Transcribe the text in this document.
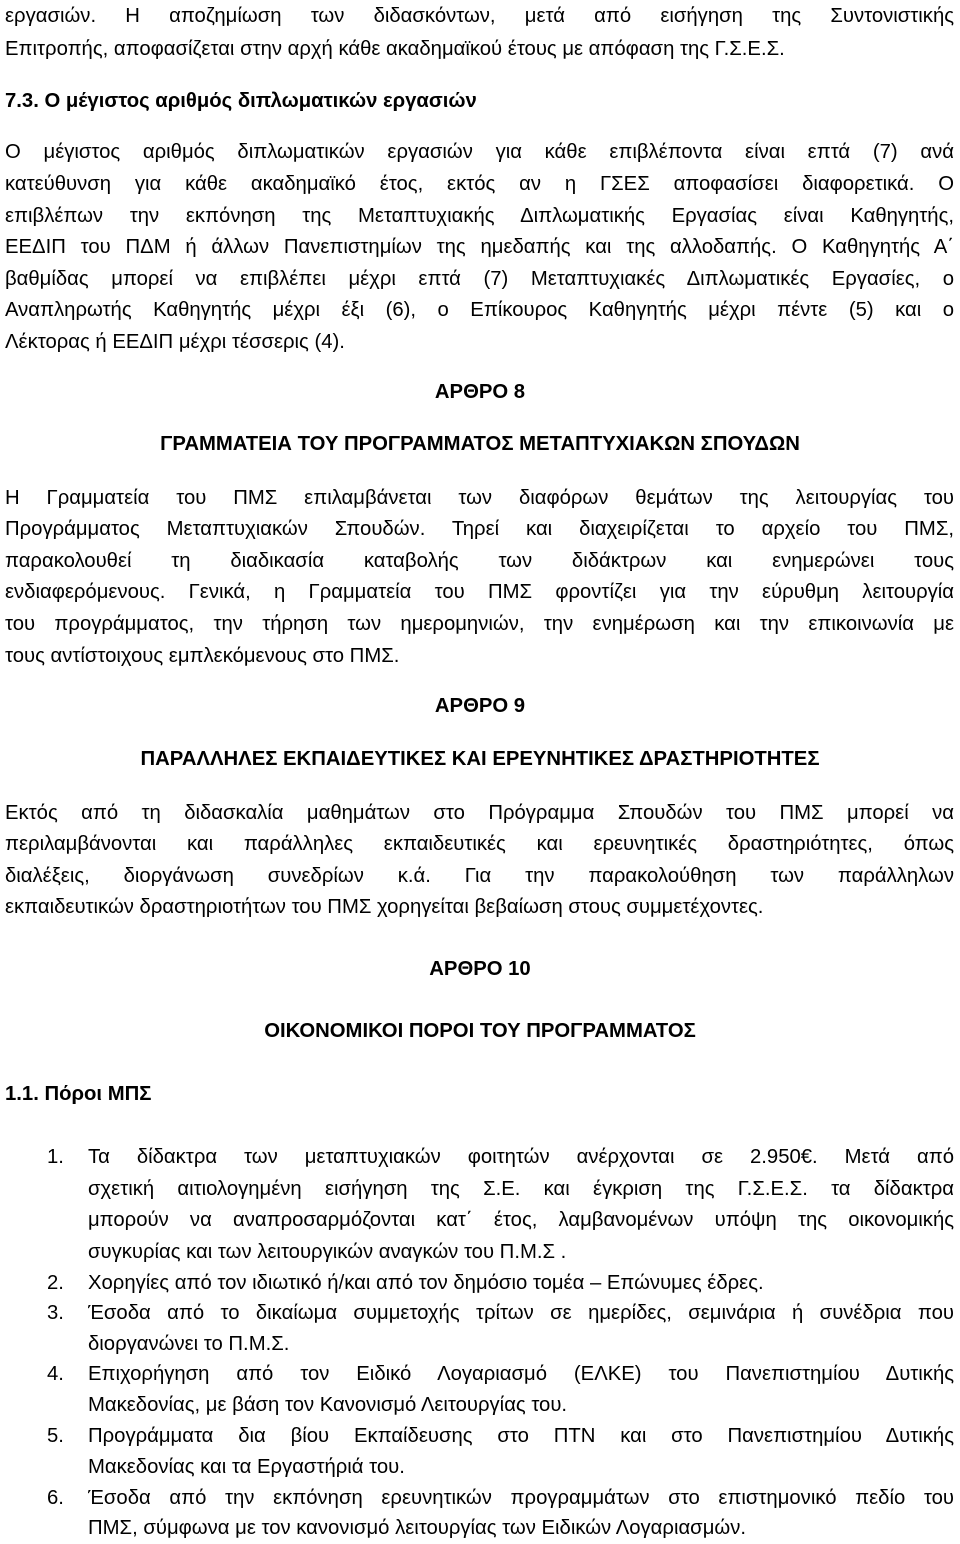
εργασιών. Η αποζημίωση των διδασκόντων, μετά από εισήγηση της Συντονιστικής
Επιτροπής, αποφασίζεται στην αρχή κάθε ακαδημαϊκού έτους με απόφαση της Γ.Σ.Ε.Σ.
7.3. Ο μέγιστος αριθμός διπλωματικών εργασιών
Ο μέγιστος αριθμός διπλωματικών εργασιών για κάθε επιβλέποντα είναι επτά (7) ανά
κατεύθυνση για κάθε ακαδημαϊκό έτος, εκτός αν η ΓΣΕΣ αποφασίσει διαφορετικά. Ο
επιβλέπων την εκπόνηση της Μεταπτυχιακής Διπλωματικής Εργασίας είναι Καθηγητής,
ΕΕΔΙΠ του ΠΔΜ ή άλλων Πανεπιστημίων της ημεδαπής και της αλλοδαπής. Ο Καθηγητής Α΄
βαθμίδας μπορεί να επιβλέπει μέχρι επτά (7) Μεταπτυχιακές Διπλωματικές Εργασίες, ο
Αναπληρωτής Καθηγητής μέχρι έξι (6), ο Επίκουρος Καθηγητής μέχρι πέντε (5) και ο
Λέκτορας ή ΕΕΔΙΠ μέχρι τέσσερις (4).
ΑΡΘΡΟ 8
ΓΡΑΜΜΑΤΕΙΑ ΤΟΥ ΠΡΟΓΡΑΜΜΑΤΟΣ ΜΕΤΑΠΤΥΧΙΑΚΩΝ ΣΠΟΥΔΩΝ
Η Γραμματεία του ΠΜΣ επιλαμβάνεται των διαφόρων θεμάτων της λειτουργίας του
Προγράμματος Μεταπτυχιακών Σπουδών. Τηρεί και διαχειρίζεται το αρχείο του ΠΜΣ,
παρακολουθεί τη διαδικασία καταβολής των διδάκτρων και ενημερώνει τους
ενδιαφερόμενους. Γενικά, η Γραμματεία του ΠΜΣ φροντίζει για την εύρυθμη λειτουργία
του προγράμματος, την τήρηση των ημερομηνιών, την ενημέρωση και την επικοινωνία με
τους αντίστοιχους εμπλεκόμενους στο ΠΜΣ.
ΑΡΘΡΟ 9
ΠΑΡΑΛΛΗΛΕΣ ΕΚΠΑΙΔΕΥΤΙΚΕΣ ΚΑΙ ΕΡΕΥΝΗΤΙΚΕΣ ΔΡΑΣΤΗΡΙΟΤΗΤΕΣ
Εκτός από τη διδασκαλία μαθημάτων στο Πρόγραμμα Σπουδών του ΠΜΣ μπορεί να
περιλαμβάνονται και παράλληλες εκπαιδευτικές και ερευνητικές δραστηριότητες, όπως
διαλέξεις, διοργάνωση συνεδρίων κ.ά. Για την παρακολούθηση των παράλληλων
εκπαιδευτικών δραστηριοτήτων του ΠΜΣ χορηγείται βεβαίωση στους συμμετέχοντες.
ΑΡΘΡΟ 10
ΟΙΚΟΝΟΜΙΚΟΙ ΠΟΡΟΙ ΤΟΥ ΠΡΟΓΡΑΜΜΑΤΟΣ
1.1. Πόροι ΜΠΣ
1.	Τα δίδακτρα των μεταπτυχιακών φοιτητών ανέρχονται σε 2.950€. Μετά από
σχετική αιτιολογημένη εισήγηση της Σ.Ε. και έγκριση της Γ.Σ.Ε.Σ. τα δίδακτρα
μπορούν να αναπροσαρμόζονται κατ΄ έτος, λαμβανομένων υπόψη της οικονομικής
συγκυρίας και των λειτουργικών αναγκών του Π.Μ.Σ .
2.	Χορηγίες από τον ιδιωτικό ή/και από τον δημόσιο τομέα – Επώνυμες έδρες.
3.	Έσοδα από το δικαίωμα συμμετοχής τρίτων σε ημερίδες, σεμινάρια ή συνέδρια που
διοργανώνει το Π.Μ.Σ.
4.	Επιχορήγηση από τον Ειδικό Λογαριασμό (ΕΛΚΕ) του Πανεπιστημίου Δυτικής
Μακεδονίας, με βάση τον Κανονισμό Λειτουργίας του.
5.	Προγράμματα δια βίου Εκπαίδευσης στο ΠΤΝ και στο Πανεπιστημίου Δυτικής
Μακεδονίας και τα Εργαστήριά του.
6.	Έσοδα από την εκπόνηση ερευνητικών προγραμμάτων στο επιστημονικό πεδίο του
ΠΜΣ, σύμφωνα με τον κανονισμό λειτουργίας των Ειδικών Λογαριασμών.
